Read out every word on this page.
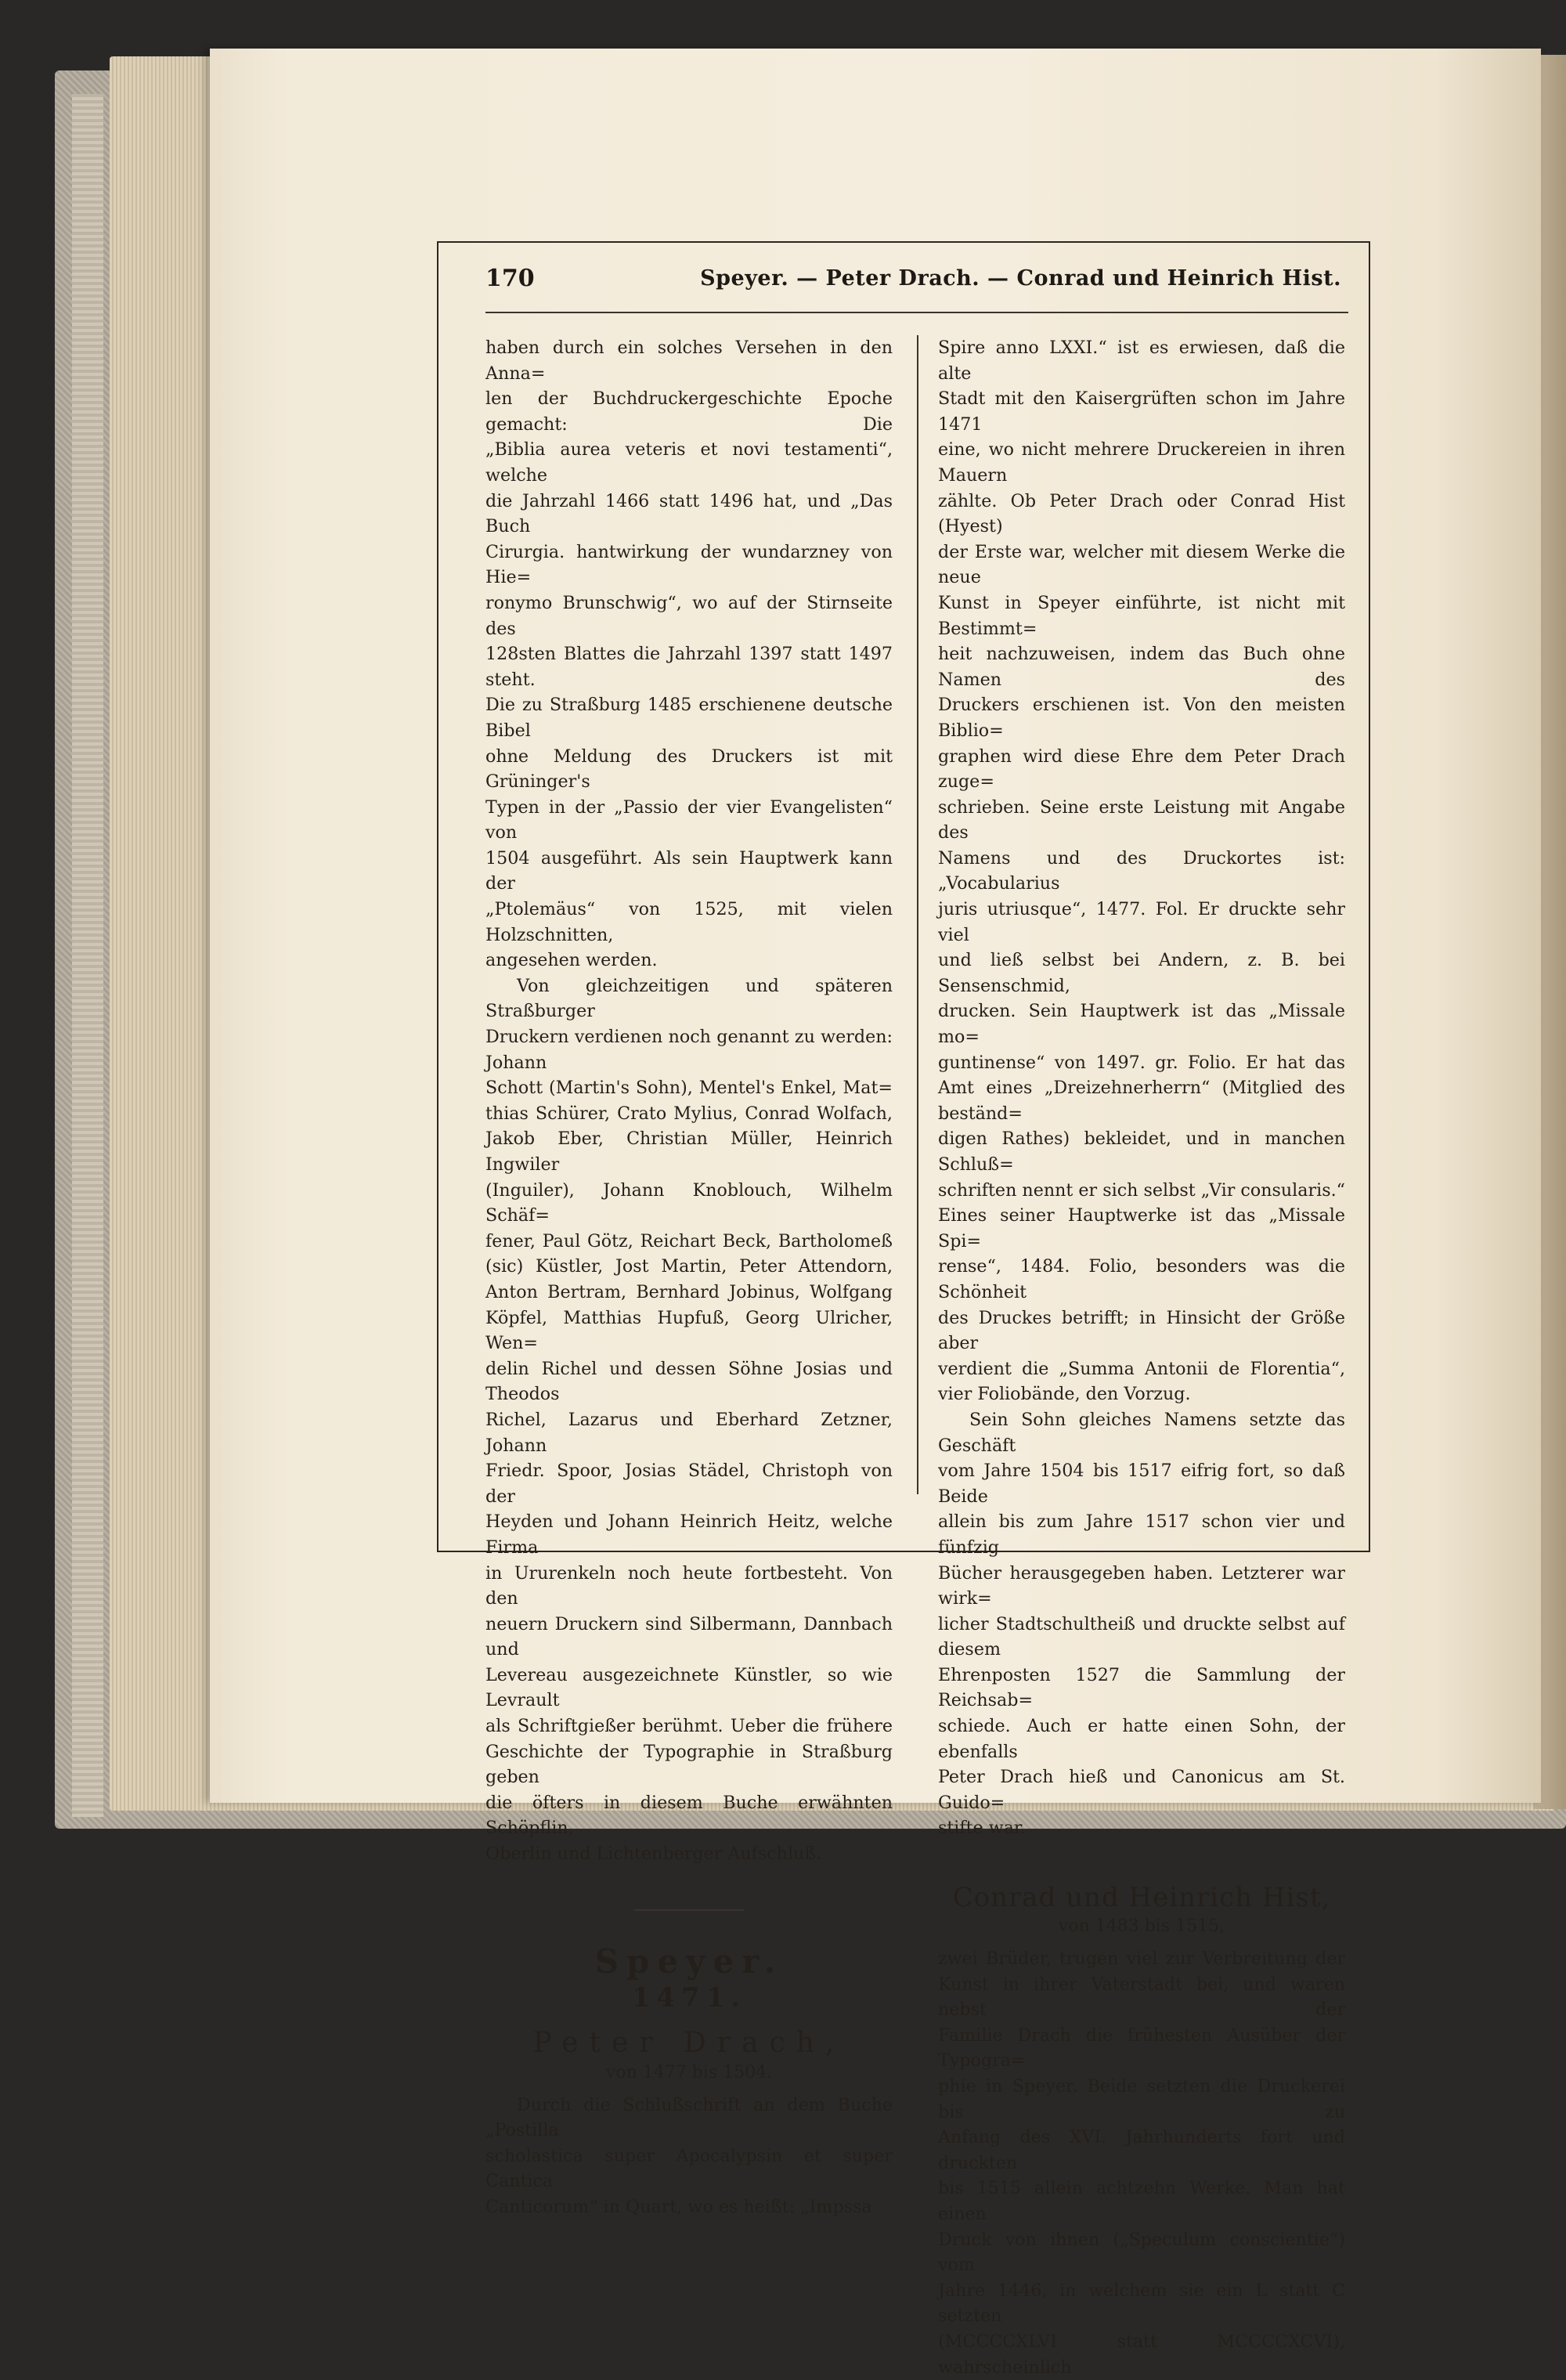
170	Speyer. — Peter Drach. — Conrad und Heinrich Hist.

haben durch ein solches Versehen in den Anna=

len der Buchdruckergeschichte Epoche gemacht: Die

„Biblia aurea veteris et novi testamenti“, welche

die Jahrzahl 1466 statt 1496 hat, und „Das Buch

Cirurgia. hantwirkung der wundarzney von Hie=

ronymo Brunschwig“, wo auf der Stirnseite des

128sten Blattes die Jahrzahl 1397 statt 1497 steht.

Die zu Straßburg 1485 erschienene deutsche Bibel

ohne Meldung des Druckers ist mit Grüninger's

Typen in der „Passio der vier Evangelisten“ von

1504 ausgeführt. Als sein Hauptwerk kann der

„Ptolemäus“ von 1525, mit vielen Holzschnitten,

angesehen werden.

Von gleichzeitigen und späteren Straßburger

Druckern verdienen noch genannt zu werden: Johann

Schott (Martin's Sohn), Mentel's Enkel, Mat=

thias Schürer, Crato Mylius, Conrad Wolfach,

Jakob Eber, Christian Müller, Heinrich Ingwiler

(Inguiler), Johann Knoblouch, Wilhelm Schäf=

fener, Paul Götz, Reichart Beck, Bartholomeß

(sic) Küstler, Jost Martin, Peter Attendorn,

Anton Bertram, Bernhard Jobinus, Wolfgang

Köpfel, Matthias Hupfuß, Georg Ulricher, Wen=

delin Richel und dessen Söhne Josias und Theodos

Richel, Lazarus und Eberhard Zetzner, Johann

Friedr. Spoor, Josias Städel, Christoph von der

Heyden und Johann Heinrich Heitz, welche Firma

in Ururenkeln noch heute fortbesteht. Von den

neuern Druckern sind Silbermann, Dannbach und

Levereau ausgezeichnete Künstler, so wie Levrault

als Schriftgießer berühmt. Ueber die frühere

Geschichte der Typographie in Straßburg geben

die öfters in diesem Buche erwähnten Schöpflin,

Oberlin und Lichtenberger Aufschluß.

Speyer.
1471.
Peter Drach,
von 1477 bis 1504.

Durch die Schlußschrift an dem Buche „Postilla

scholastica super Apocalypsin et super Cantica

Canticorum“ in Quart, wo es heißt: „Impssa

Spire anno LXXI.“ ist es erwiesen, daß die alte

Stadt mit den Kaisergrüften schon im Jahre 1471

eine, wo nicht mehrere Druckereien in ihren Mauern

zählte. Ob Peter Drach oder Conrad Hist (Hyest)

der Erste war, welcher mit diesem Werke die neue

Kunst in Speyer einführte, ist nicht mit Bestimmt=

heit nachzuweisen, indem das Buch ohne Namen des

Druckers erschienen ist. Von den meisten Biblio=

graphen wird diese Ehre dem Peter Drach zuge=

schrieben. Seine erste Leistung mit Angabe des

Namens und des Druckortes ist: „Vocabularius

juris utriusque“, 1477. Fol. Er druckte sehr viel

und ließ selbst bei Andern, z. B. bei Sensenschmid,

drucken. Sein Hauptwerk ist das „Missale mo=

guntinense“ von 1497. gr. Folio. Er hat das

Amt eines „Dreizehnerherrn“ (Mitglied des beständ=

digen Rathes) bekleidet, und in manchen Schluß=

schriften nennt er sich selbst „Vir consularis.“

Eines seiner Hauptwerke ist das „Missale Spi=

rense“, 1484. Folio, besonders was die Schönheit

des Druckes betrifft; in Hinsicht der Größe aber

verdient die „Summa Antonii de Florentia“,

vier Foliobände, den Vorzug.

Sein Sohn gleiches Namens setzte das Geschäft

vom Jahre 1504 bis 1517 eifrig fort, so daß Beide

allein bis zum Jahre 1517 schon vier und fünfzig

Bücher herausgegeben haben. Letzterer war wirk=

licher Stadtschultheiß und druckte selbst auf diesem

Ehrenposten 1527 die Sammlung der Reichsab=

schiede. Auch er hatte einen Sohn, der ebenfalls

Peter Drach hieß und Canonicus am St. Guido=

stifte war.

Conrad und Heinrich Hist,
von 1483 bis 1515,

zwei Brüder, trugen viel zur Verbreitung der

Kunst in ihrer Vaterstadt bei, und waren nebst der

Familie Drach die frühesten Ausüber der Typogra=

phie in Speyer. Beide setzten die Druckerei bis zu

Anfang des XVI. Jahrhunderts fort und druckten

bis 1515 allein achtzehn Werke. Man hat einen

Druck von ihnen („Speculum conscientie“) vom

Jahre 1446, in welchem sie ein L statt C setzten

(MCCCCXLVI statt MCCCCXCVI), wahrscheinlich
